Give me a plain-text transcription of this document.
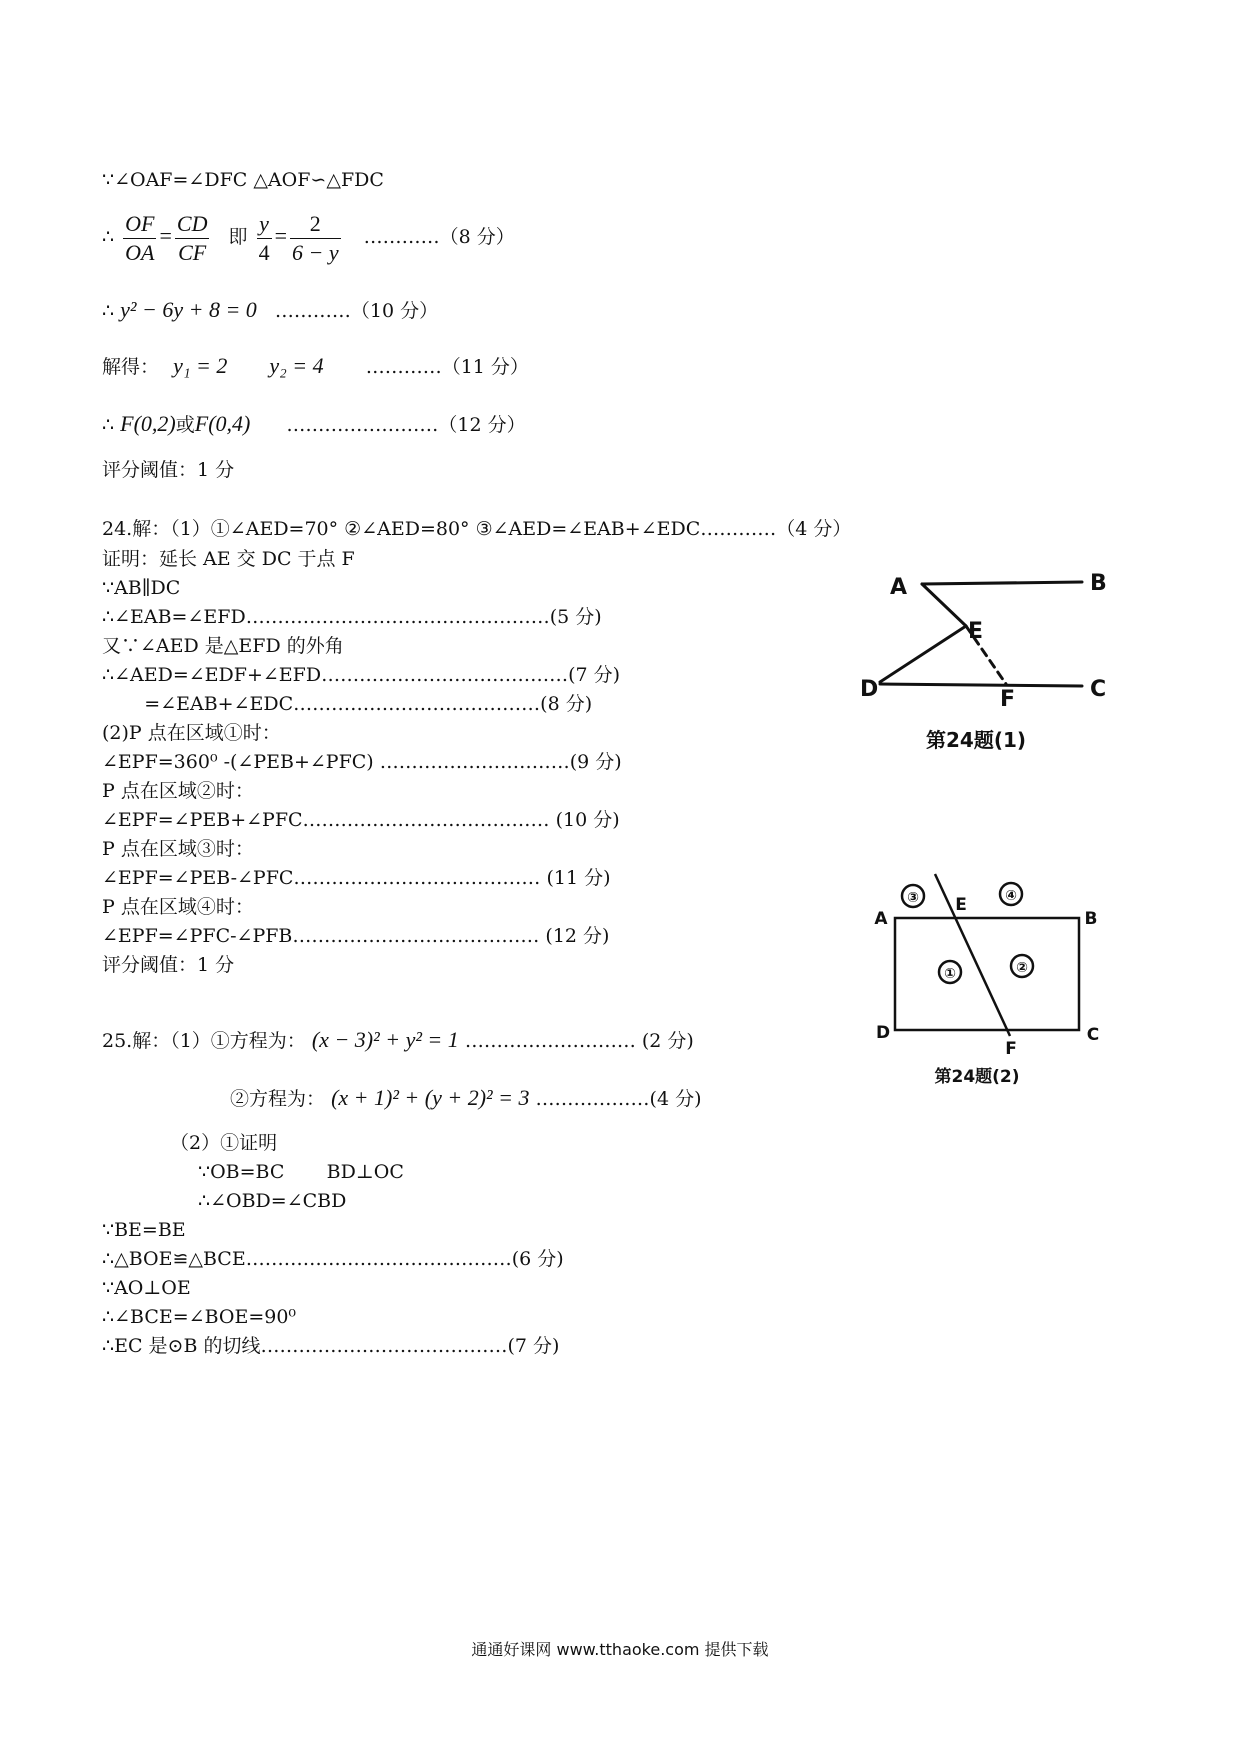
∵∠OAF=∠DFC △AOF∽△FDC
∴ $\frac{OF}{OA} = \frac{CD}{CF}$ 即 $\frac{y}{4} = \frac{2}{6 - y}$ …………（8 分）
∴ y² − 6y + 8 = 0 …………（10 分）
解得： y₁ = 2 y₂ = 4 …………（11 分）
∴ F(0,2)或F(0,4) ……………………（12 分）
评分阈值：1 分
24.解：（1）①∠AED=70° ②∠AED=80° ③∠AED=∠EAB+∠EDC…………（4 分）
证明：延长 AE 交 DC 于点 F
∵AB∥DC
∴∠EAB=∠EFD…………………………………………(5 分)
又∵∠AED 是△EFD 的外角
∴∠AED=∠EDF+∠EFD…………………………………(7 分)
=∠EAB+∠EDC…………………………………(8 分)
(2)P 点在区域①时：
∠EPF=360⁰ -(∠PEB+∠PFC) …………………………(9 分)
P 点在区域②时：
∠EPF=∠PEB+∠PFC………………………………… (10 分)
P 点在区域③时：
∠EPF=∠PEB-∠PFC………………………………… (11 分)
P 点在区域④时：
∠EPF=∠PFC-∠PFB………………………………… (12 分)
评分阈值：1 分
A	B
E
D	F	C
第24题(1)
③	④
①	②
A
E
B
D
F
C
第24题(2)
25.解：（1）①方程为： (x − 3)² + y² = 1 ……………………… (2 分)
②方程为： (x + 1)² + (y + 2)² = 3 ………………(4 分)
（2）①证明
∵OB=BC       BD⊥OC
∴∠OBD=∠CBD
∵BE=BE
∴△BOE≌△BCE……………………………………(6 分)
∵AO⊥OE
∴∠BCE=∠BOE=90⁰
∴EC 是⊙B 的切线…………………………………(7 分)
通通好课网 www.tthaoke.com 提供下载
